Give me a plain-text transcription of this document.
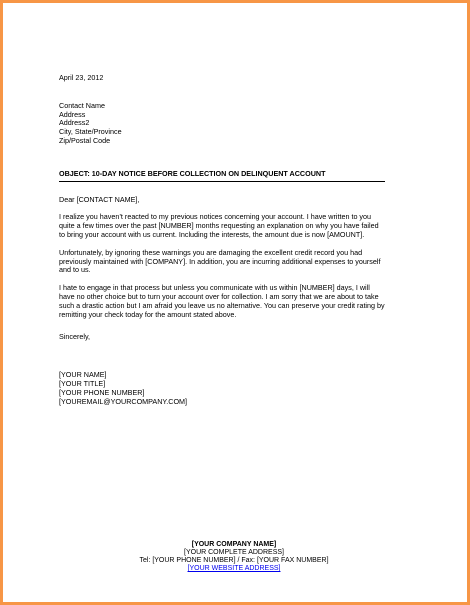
April 23, 2012
Contact Name
Address
Address2
City, State/Province
Zip/Postal Code
OBJECT: 10-DAY NOTICE BEFORE COLLECTION ON DELINQUENT ACCOUNT
Dear [CONTACT NAME],
I realize you haven’t reacted to my previous notices concerning your account. I have written to you quite a few times over the past [NUMBER] months requesting an explanation on why you have failed to bring your account with us current. Including the interests, the amount due is now [AMOUNT].
Unfortunately, by ignoring these warnings you are damaging the excellent credit record you had previously maintained with [COMPANY]. In addition, you are incurring additional expenses to yourself and to us.
I hate to engage in that process but unless you communicate with us within [NUMBER] days, I will have no other choice but to turn your account over for collection. I am sorry that we are about to take such a drastic action but I am afraid you leave us no alternative. You can preserve your credit rating by remitting your check today for the amount stated above.
Sincerely,
[YOUR NAME]
[YOUR TITLE]
[YOUR PHONE NUMBER]
[YOUREMAIL@YOURCOMPANY.COM]
[YOUR COMPANY NAME]
[YOUR COMPLETE ADDRESS]
Tel: [YOUR PHONE NUMBER] / Fax: [YOUR FAX NUMBER]
[YOUR WEBSITE ADDRESS]
